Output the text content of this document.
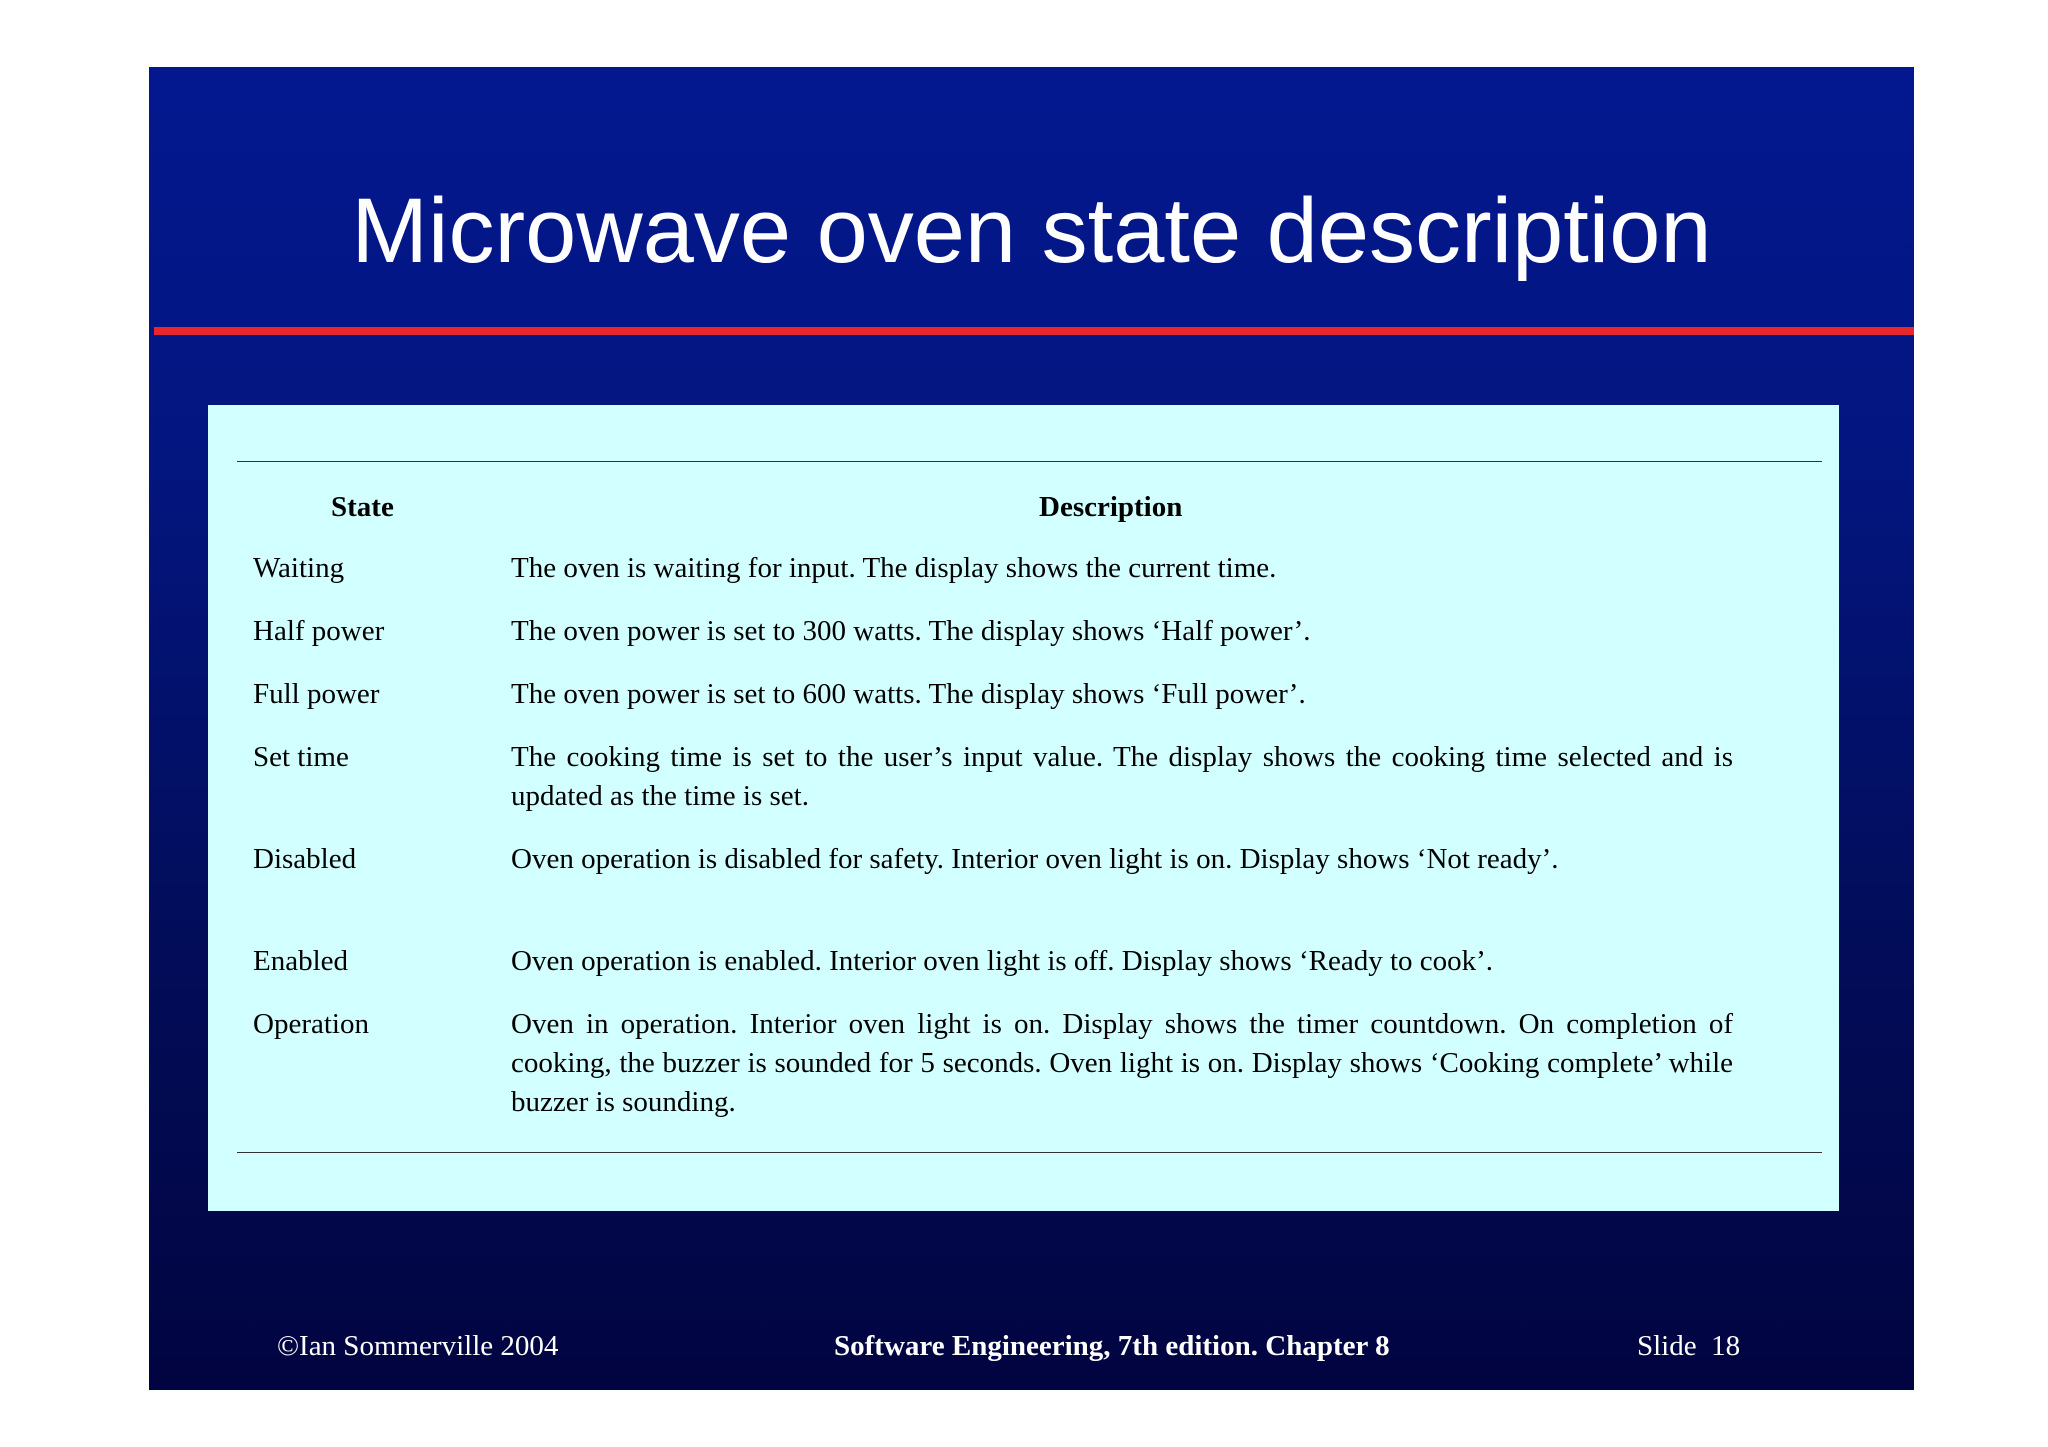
Microwave oven state description
State	Description
Waiting	The oven is waiting for input. The display shows the current time.
Half power	The oven power is set to 300 watts. The display shows ‘Half power’.
Full power	The oven power is set to 600 watts. The display shows ‘Full power’.
Set time	The cooking time is set to the user’s input value. The display shows the cooking time selected and is updated as the time is set.
Disabled	Oven operation is disabled for safety. Interior oven light is on. Display shows ‘Not ready’.
Enabled	Oven operation is enabled. Interior oven light is off. Display shows ‘Ready to cook’.
Operation	Oven in operation. Interior oven light is on. Display shows the timer countdown. On completion of cooking, the buzzer is sounded for 5 seconds. Oven light is on. Display shows ‘Cooking complete’ while buzzer is sounding.
©Ian Sommerville 2004	Software Engineering, 7th edition. Chapter 8	Slide  18
